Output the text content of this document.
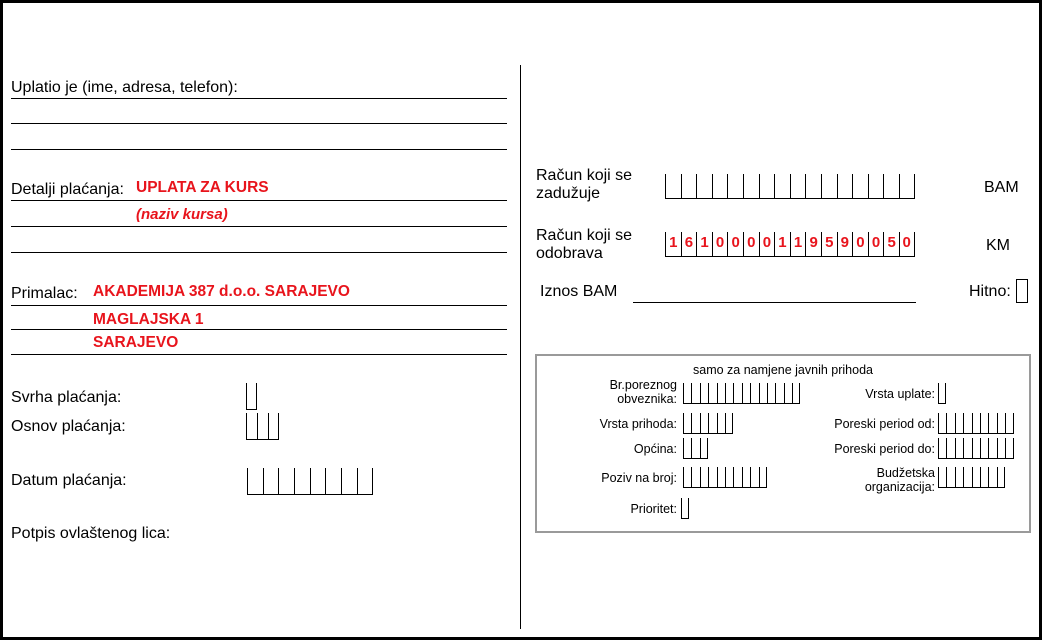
Uplatio je (ime, adresa, telefon):
Detalji plaćanja: UPLATA ZA KURS
(naziv kursa)
Primalac: AKADEMIJA 387 d.o.o. SARAJEVO
MAGLAJSKA 1
SARAJEVO
Svrha plaćanja:
Osnov plaćanja:
Datum plaćanja:
Potpis ovlaštenog lica:
Račun koji se zadužuje	BAM
Račun koji se odobrava
1 6 1 0 0 0 0 1 1 9 5 9 0 0 5 0	KM
Iznos BAM	Hitno:
samo za namjene javnih prihoda
Br.poreznog obveznika:	Vrsta uplate:
Vrsta prihoda:	Poreski period od:
Općina:	Poreski period do:
Poziv na broj:	Budžetska organizacija:
Prioritet:
